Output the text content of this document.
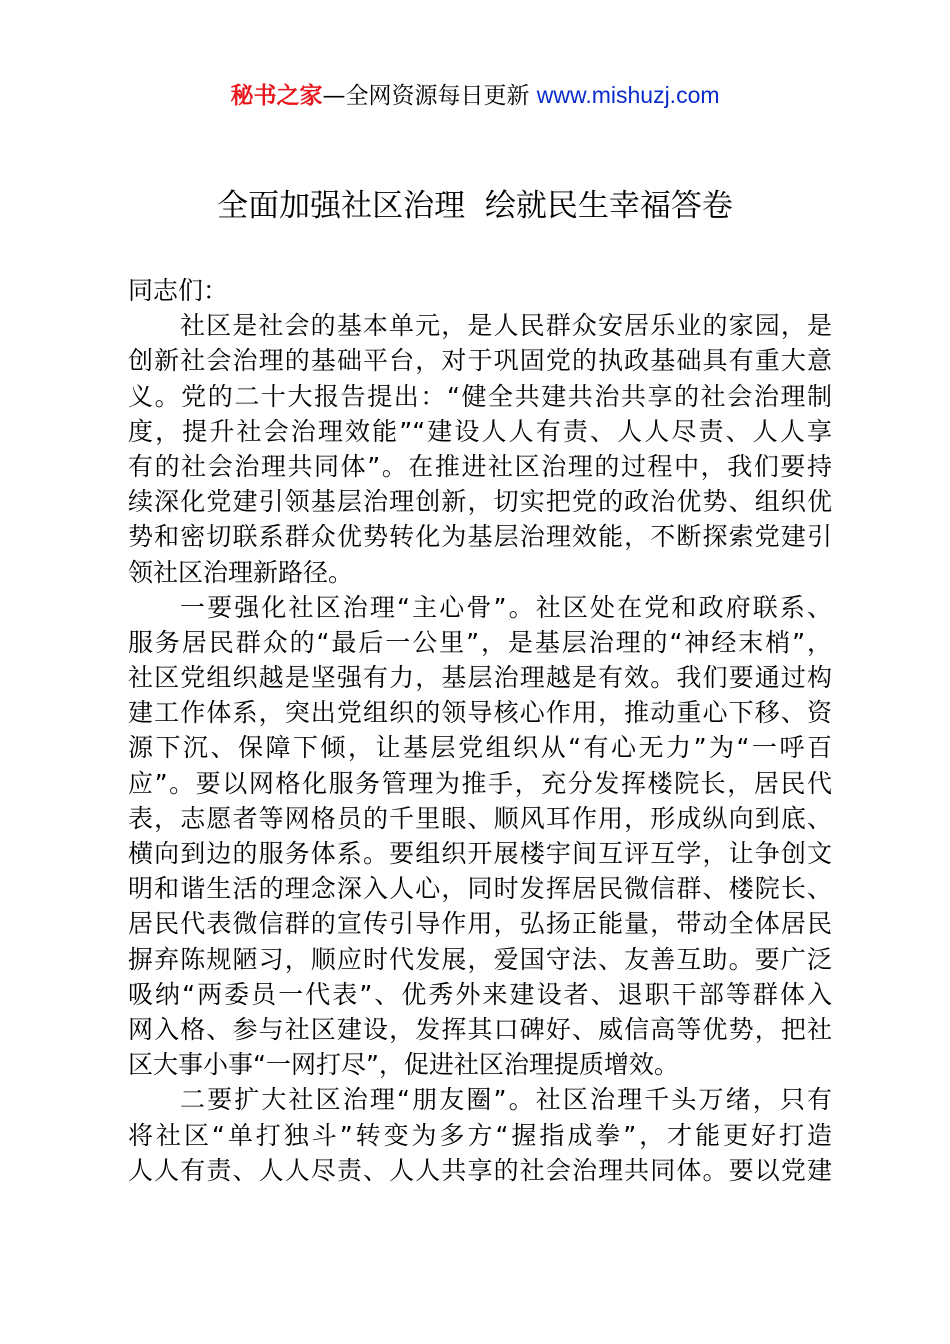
秘书之家—全网资源每日更新 www.mishuzj.com
全面加强社区治理  绘就民生幸福答卷
同志们：
社区是社会的基本单元，是人民群众安居乐业的家园，是
创新社会治理的基础平台，对于巩固党的执政基础具有重大意
义。党的二十大报告提出：“健全共建共治共享的社会治理制
度，提升社会治理效能”“建设人人有责、人人尽责、人人享
有的社会治理共同体”。在推进社区治理的过程中，我们要持
续深化党建引领基层治理创新，切实把党的政治优势、组织优
势和密切联系群众优势转化为基层治理效能，不断探索党建引
领社区治理新路径。
一要强化社区治理“主心骨”。社区处在党和政府联系、
服务居民群众的“最后一公里”，是基层治理的“神经末梢”，
社区党组织越是坚强有力，基层治理越是有效。我们要通过构
建工作体系，突出党组织的领导核心作用，推动重心下移、资
源下沉、保障下倾，让基层党组织从“有心无力”为“一呼百
应”。要以网格化服务管理为推手，充分发挥楼院长，居民代
表，志愿者等网格员的千里眼、顺风耳作用，形成纵向到底、
横向到边的服务体系。要组织开展楼宇间互评互学，让争创文
明和谐生活的理念深入人心，同时发挥居民微信群、楼院长、
居民代表微信群的宣传引导作用，弘扬正能量，带动全体居民
摒弃陈规陋习，顺应时代发展，爱国守法、友善互助。要广泛
吸纳“两委员一代表”、优秀外来建设者、退职干部等群体入
网入格、参与社区建设，发挥其口碑好、威信高等优势，把社
区大事小事“一网打尽”，促进社区治理提质增效。
二要扩大社区治理“朋友圈”。社区治理千头万绪，只有
将社区“单打独斗”转变为多方“握指成拳”，才能更好打造
人人有责、人人尽责、人人共享的社会治理共同体。要以党建
